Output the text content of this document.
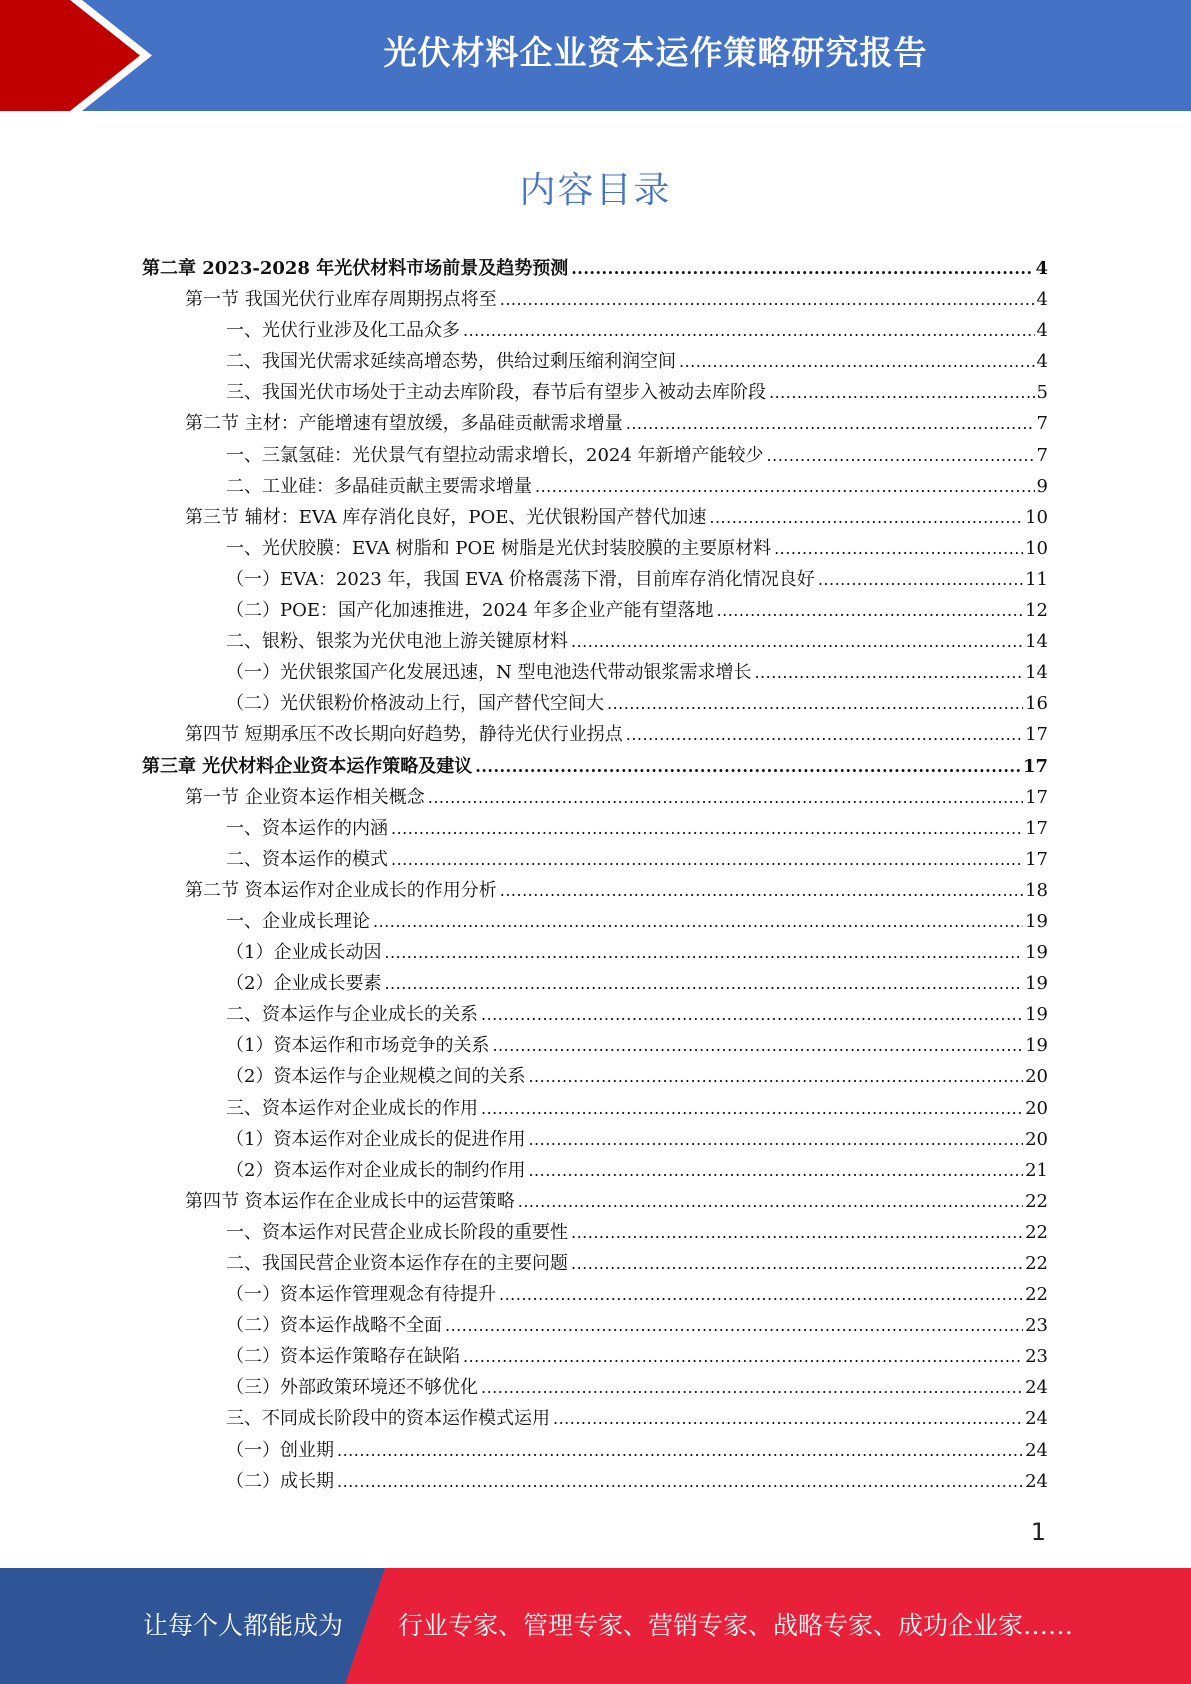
光伏材料企业资本运作策略研究报告
内容目录
第二章 2023-2028 年光伏材料市场前景及趋势预测 .....	4
第一节 我国光伏行业库存周期拐点将至 .....	4
一、光伏行业涉及化工品众多 .....	4
二、我国光伏需求延续高增态势，供给过剩压缩利润空间 .....	4
三、我国光伏市场处于主动去库阶段，春节后有望步入被动去库阶段 .....	5
第二节 主材：产能增速有望放缓，多晶硅贡献需求增量 .....	7
一、三氯氢硅：光伏景气有望拉动需求增长，2024 年新增产能较少 .....	7
二、工业硅：多晶硅贡献主要需求增量 .....	9
第三节 辅材：EVA 库存消化良好，POE、光伏银粉国产替代加速 .....	10
一、光伏胶膜：EVA 树脂和 POE 树脂是光伏封装胶膜的主要原材料 .....	10
（一）EVA：2023 年，我国 EVA 价格震荡下滑，目前库存消化情况良好 .....	11
（二）POE：国产化加速推进，2024 年多企业产能有望落地 .....	12
二、银粉、银浆为光伏电池上游关键原材料 .....	14
（一）光伏银浆国产化发展迅速，N 型电池迭代带动银浆需求增长 .....	14
（二）光伏银粉价格波动上行，国产替代空间大 .....	16
第四节 短期承压不改长期向好趋势，静待光伏行业拐点 .....	17
第三章 光伏材料企业资本运作策略及建议 .....	17
第一节 企业资本运作相关概念 .....	17
一、资本运作的内涵 .....	17
二、资本运作的模式 .....	17
第二节 资本运作对企业成长的作用分析 .....	18
一、企业成长理论 .....	19
（1）企业成长动因 .....	19
（2）企业成长要素 .....	19
二、资本运作与企业成长的关系 .....	19
（1）资本运作和市场竞争的关系 .....	19
（2）资本运作与企业规模之间的关系 .....	20
三、资本运作对企业成长的作用 .....	20
（1）资本运作对企业成长的促进作用 .....	20
（2）资本运作对企业成长的制约作用 .....	21
第四节 资本运作在企业成长中的运营策略 .....	22
一、资本运作对民营企业成长阶段的重要性 .....	22
二、我国民营企业资本运作存在的主要问题 .....	22
（一）资本运作管理观念有待提升 .....	22
（二）资本运作战略不全面 .....	23
（二）资本运作策略存在缺陷 .....	23
（三）外部政策环境还不够优化 .....	24
三、不同成长阶段中的资本运作模式运用 .....	24
（一）创业期 .....	24
（二）成长期 .....	24
1
让每个人都能成为 行业专家、管理专家、营销专家、战略专家、成功企业家……
